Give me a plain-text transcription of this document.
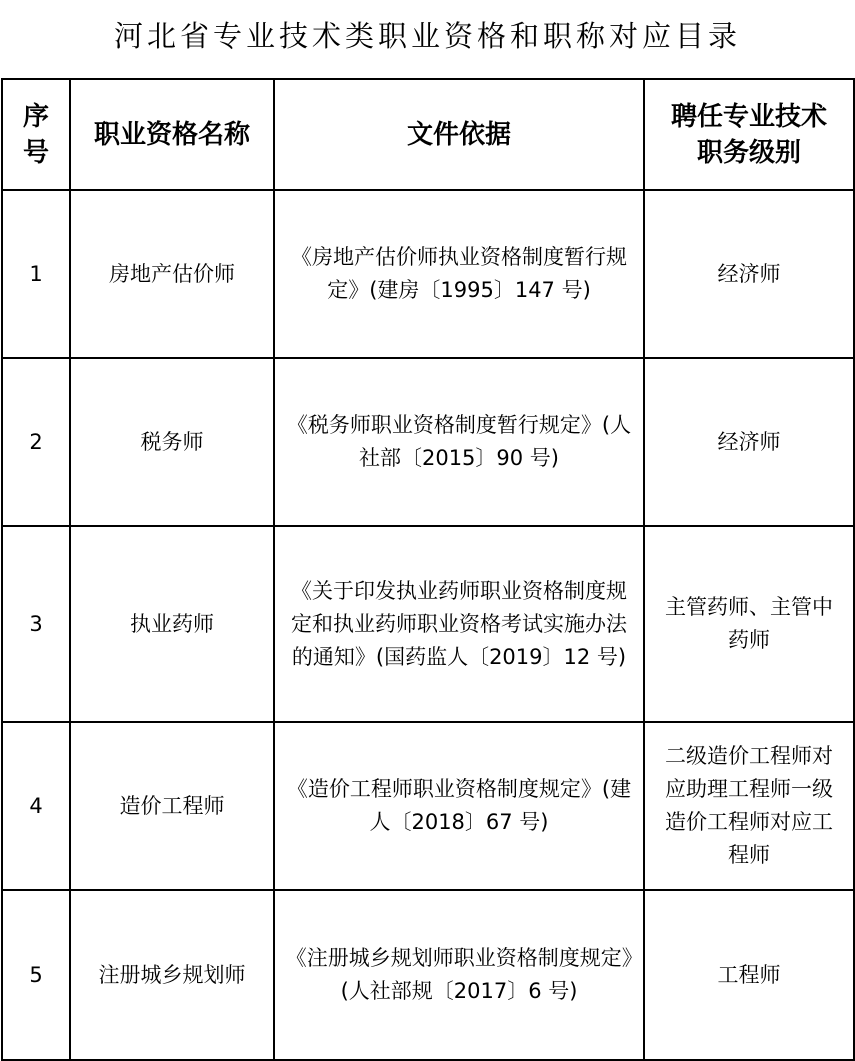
河北省专业技术类职业资格和职称对应目录
序号	职业资格名称	文件依据	聘任专业技术职务级别
1	房地产估价师	《房地产估价师执业资格制度暂行规定》(建房〔1995〕147 号)	经济师
2	税务师	《税务师职业资格制度暂行规定》(人社部〔2015〕90 号)	经济师
3	执业药师	《关于印发执业药师职业资格制度规定和执业药师职业资格考试实施办法的通知》(国药监人〔2019〕12 号)	主管药师、主管中药师
4	造价工程师	《造价工程师职业资格制度规定》(建人〔2018〕67 号)	二级造价工程师对应助理工程师一级造价工程师对应工程师
5	注册城乡规划师	《注册城乡规划师职业资格制度规定》(人社部规〔2017〕6 号)	工程师
